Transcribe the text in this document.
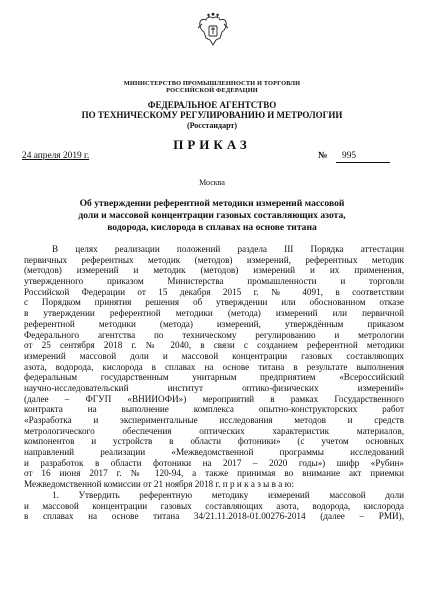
МИНИСТЕРСТВО ПРОМЫШЛЕННОСТИ И ТОРГОВЛИ
РОССИЙСКОЙ ФЕДЕРАЦИИ
ФЕДЕРАЛЬНОЕ АГЕНТСТВО
ПО ТЕХНИЧЕСКОМУ РЕГУЛИРОВАНИЮ И МЕТРОЛОГИИ
(Росстандарт)
ПРИКАЗ
24 апреля 2019 г.	№	995
Москва
Об утверждении референтной методики измерений массовой
доли и массовой концентрации газовых составляющих азота,
водорода, кислорода в сплавах на основе титана
В целях реализации положений раздела III Порядка аттестации
первичных референтных методик (методов) измерений, референтных методик
(методов) измерений и методик (методов) измерений и их применения,
утвержденного приказом Министерства промышленности и торговли
Российской Федерации от 15 декабря 2015 г. № 4091, в соответствии
с Порядком принятия решения об утверждении или обоснованном отказе
в утверждении референтной методики (метода) измерений или первичной
референтной методики (метода) измерений, утверждённым приказом
Федерального агентства по техническому регулированию и метрологии
от 25 сентября 2018 г. № 2040, в связи с созданием референтной методики
измерений массовой доли и массовой концентрации газовых составляющих
азота, водорода, кислорода в сплавах на основе титана в результате выполнения
федеральным государственным унитарным предприятием «Всероссийский
научно-исследовательский институт оптико-физических измерений»
(далее – ФГУП «ВНИИОФИ») мероприятий в рамках Государственного
контракта на выполнение комплекса опытно-конструкторских работ
«Разработка и экспериментальные исследования методов и средств
метрологического обеспечения оптических характеристик материалов,
компонентов и устройств в области фотоники» (с учетом основных
направлений реализации «Межведомственной программы исследований
и разработок в области фотоники на 2017 – 2020 годы») шифр «Рубин»
от 16 июня 2017 г. № 120-94, а также принимая во внимание акт приемки
Межведомственной комиссии от 21 ноября 2018 г. п р и к а з ы в а ю:
1. Утвердить референтную методику измерений массовой доли
и массовой концентрации газовых составляющих азота, водорода, кислорода
в сплавах на основе титана 34/21.11.2018-01.00276-2014 (далее – РМИ),
